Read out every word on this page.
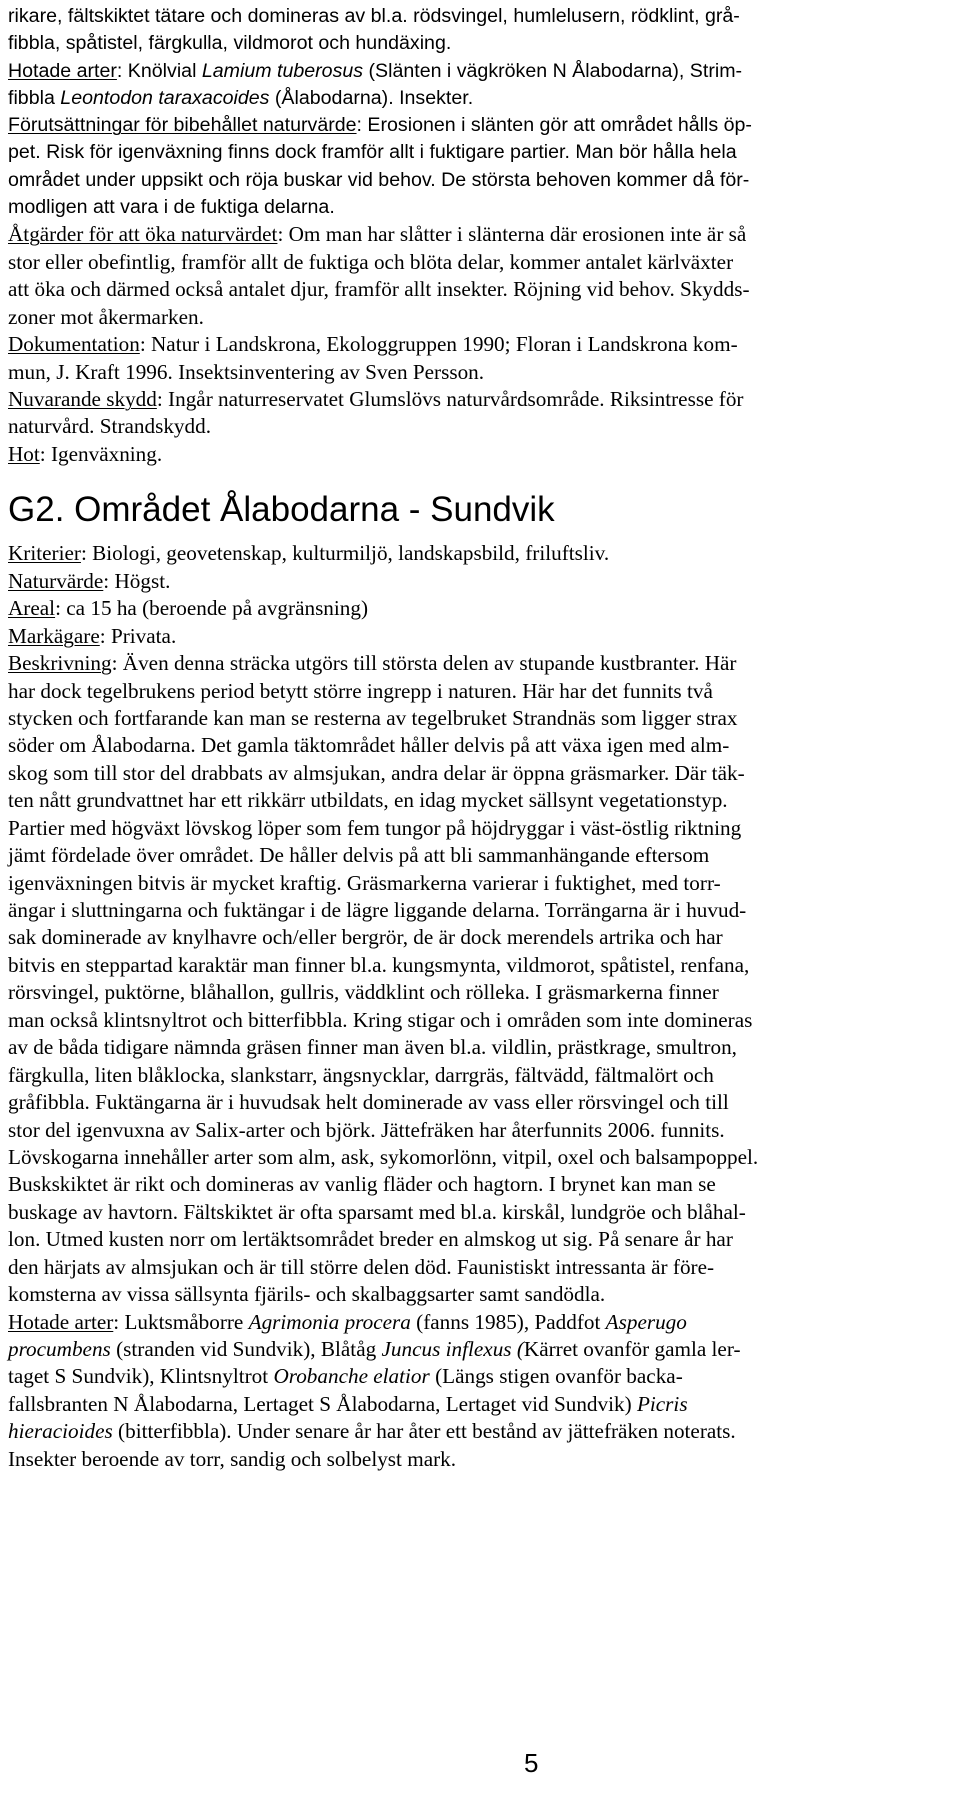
rikare, fältskiktet tätare och domineras av bl.a. rödsvingel, humlelusern, rödklint, grå-
fibbla, spåtistel, färgkulla, vildmorot och hundäxing.
Hotade arter: Knölvial Lamium tuberosus (Slänten i vägkröken N Ålabodarna), Strim-
fibbla Leontodon taraxacoides (Ålabodarna). Insekter.
Förutsättningar för bibehållet naturvärde: Erosionen i slänten gör att området hålls öp-
pet. Risk för igenväxning finns dock framför allt i fuktigare partier. Man bör hålla hela
området under uppsikt och röja buskar vid behov. De största behoven kommer då för-
modligen att vara i de fuktiga delarna.
Åtgärder för att öka naturvärdet: Om man har slåtter i slänterna där erosionen inte är så
stor eller obefintlig, framför allt de fuktiga och blöta delar, kommer antalet kärlväxter
att öka och därmed också antalet djur, framför allt insekter. Röjning vid behov. Skydds-
zoner mot åkermarken.
Dokumentation: Natur i Landskrona, Ekologgruppen 1990; Floran i Landskrona kom-
mun, J. Kraft 1996. Insektsinventering av Sven Persson.
Nuvarande skydd: Ingår naturreservatet Glumslövs naturvårdsområde. Riksintresse för
naturvård. Strandskydd.
Hot: Igenväxning.
G2. Området Ålabodarna - Sundvik
Kriterier: Biologi, geovetenskap, kulturmiljö, landskapsbild, friluftsliv.
Naturvärde: Högst.
Areal: ca 15 ha (beroende på avgränsning)
Markägare: Privata.
Beskrivning: Även denna sträcka utgörs till största delen av stupande kustbranter. Här
har dock tegelbrukens period betytt större ingrepp i naturen. Här har det funnits två
stycken och fortfarande kan man se resterna av tegelbruket Strandnäs som ligger strax
söder om Ålabodarna. Det gamla täktområdet håller delvis på att växa igen med alm-
skog som till stor del drabbats av almsjukan, andra delar är öppna gräsmarker. Där täk-
ten nått grundvattnet har ett rikkärr utbildats, en idag mycket sällsynt vegetationstyp.
Partier med högväxt lövskog löper som fem tungor på höjdryggar i väst-östlig riktning
jämt fördelade över området. De håller delvis på att bli sammanhängande eftersom
igenväxningen bitvis är mycket kraftig. Gräsmarkerna varierar i fuktighet, med torr-
ängar i sluttningarna och fuktängar i de lägre liggande delarna. Torrängarna är i huvud-
sak dominerade av knylhavre och/eller bergrör, de är dock merendels artrika och har
bitvis en steppartad karaktär man finner bl.a. kungsmynta, vildmorot, spåtistel, renfana,
rörsvingel, puktörne, blåhallon, gullris, väddklint och rölleka. I gräsmarkerna finner
man också klintsnyltrot och bitterfibbla. Kring stigar och i områden som inte domineras
av de båda tidigare nämnda gräsen finner man även bl.a. vildlin, prästkrage, smultron,
färgkulla, liten blåklocka, slankstarr, ängsnycklar, darrgräs, fältvädd, fältmalört och
gråfibbla. Fuktängarna är i huvudsak helt dominerade av vass eller rörsvingel och till
stor del igenvuxna av Salix-arter och björk. Jättefräken har återfunnits 2006. funnits.
Lövskogarna innehåller arter som alm, ask, sykomorlönn, vitpil, oxel och balsampoppel.
Buskskiktet är rikt och domineras av vanlig fläder och hagtorn. I brynet kan man se
buskage av havtorn. Fältskiktet är ofta sparsamt med bl.a. kirskål, lundgröe och blåhal-
lon. Utmed kusten norr om lertäktsområdet breder en almskog ut sig. På senare år har
den härjats av almsjukan och är till större delen död. Faunistiskt intressanta är före-
komsterna av vissa sällsynta fjärils- och skalbaggsarter samt sandödla.
Hotade arter: Luktsmåborre Agrimonia procera (fanns 1985), Paddfot Asperugo
procumbens (stranden vid Sundvik), Blåtåg Juncus inflexus (Kärret ovanför gamla ler-
taget S Sundvik), Klintsnyltrot Orobanche elatior (Längs stigen ovanför backa-
fallsbranten N Ålabodarna, Lertaget S Ålabodarna, Lertaget vid Sundvik) Picris
hieracioides (bitterfibbla). Under senare år har åter ett bestånd av jättefräken noterats.
Insekter beroende av torr, sandig och solbelyst mark.
5
